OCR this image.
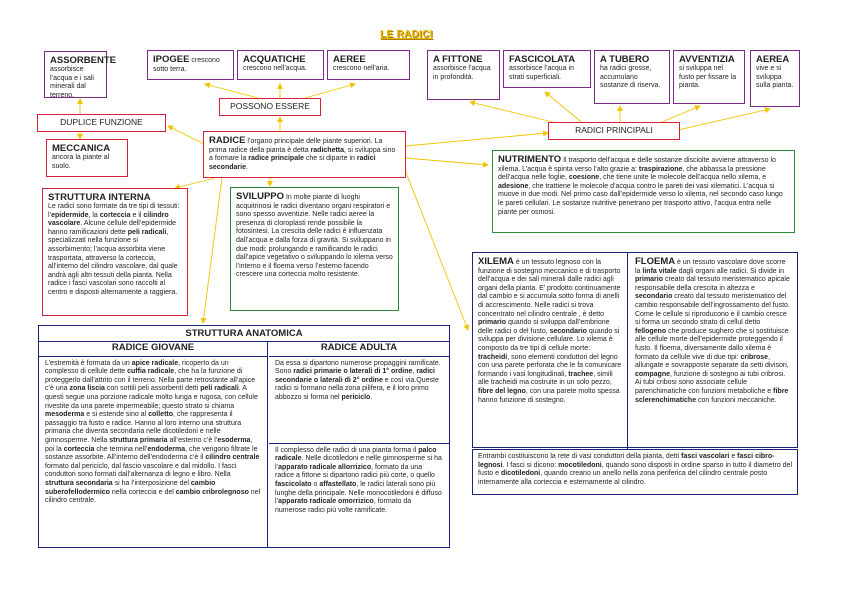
LE RADICI
ASSORBENTE
assorbisce l’acqua e i sali minerali dal terreno.
IPOGEE crescono sotto terra.
ACQUATICHE
crescono nell’acqua.
AEREE
crescono nell’aria.
A FITTONE
assorbisce l’acqua in profondità.
FASCICOLATA
assorbisce l’acqua in strati superficiali.
A TUBERO
ha radici grosse, accumulano sostanze di riserva.
AVVENTIZIA
si sviluppa nel fusto per fissare la pianta.
AEREA
vive e si sviluppa sulla pianta.
POSSONO ESSERE
DUPLICE FUNZIONE
RADICI PRINCIPALI
MECCANICA
ancora la piante al suolo.
RADICE l’organo principale delle piante superiori. La prima radice della pianta è detta radichetta, si sviluppa sino a formare la radice principale che si diparte in radici secondarie.
NUTRIMENTO Il trasporto dell’acqua e delle sostanze disciolte avviene attraverso lo xilema. L’acqua è spinta verso l’alto grazie a: traspirazione, che abbassa la pressione dell’acqua nelle foglie, coesione, che tiene unite le molecole dell’acqua nello xilema, e adesione, che trattiene le molecole d’acqua contro le pareti dei vasi xilematici. L’acqua si muove in due modi. Nel primo caso dall’epidermide verso lo xilema, nel secondo caso lungo le pareti cellulari. Le sostanze nutritive penetrano per trasporto attivo, l’acqua entra nelle piante per osmosi.
STRUTTURA INTERNA
Le radici sono formate da tre tipi di tessuti: l’epidermide, la corteccia e il cilindro vascolare. Alcune cellule dell’epidermide hanno ramificazioni dette peli radicali, specializzati nella funzione si assorbimento; l’acqua assorbita viene trasportata, attraverso la corteccia, all’interno del cilindro vascolare, dal quale andrà agli altri tessuti della pianta. Nella radice i fasci vascolari sono raccolti al centro e disposti alternamente a raggiera.
SVILUPPO In molte piante di luoghi acquitrinosi le radici diventano organi respiratori e sono spesso avventizie. Nelle radici aeree la presenza di cloroplasti rende possibile la fotosintesi. La crescita delle radici è influenzata dall’acqua e dalla forza di gravità. Si sviluppano in due modi: prolungando e ramificando le radici dall’apice vegetativo o sviluppando lo xilema verso l’interno e il floema verso l’esterno facendo crescere una corteccia molto resistente.
XILEMA è un tessuto legnoso con la funzione di sostegno meccanico e di trasporto dell’acqua e dei sali minerali dalle radici agli organi della pianta. E’ prodotto continuamente dal cambio e si accumula sotto forma di anelli di accrescimento. Nelle radici si trova concentrato nel cilindro centrale , è detto primario quando si sviluppa dall’embrione delle radici o del fusto, secondario quando si sviluppa per divisione cellulare. Lo xilema è composto da tre tipi di cellule morte: tracheidi, sono elementi conduttori del legno con una parete perforata che le fa comunicare formando i vasi longitudinali, trachee, simili alle tracheidi ma costruite in un solo pezzo, fibre del legno, con una parete molto spessa hanno funzione di sostegno.
FLOEMA è un tessuto vascolare dove scorre la linfa vitale dagli organi alle radici. Si divide in primario creato dal tessuto meristematico apicale responsabile della crescita in altezza e secondario creato dal tessuto meristematico del cambio responsabile dell’ingrossamento del fusto. Come le cellule si riproducono e il cambio cresce si forma un secondo strato di cellul detto fellogeno che produce sughero che si sostituisce alle cellule morte dell’epidermide proteggendo il fusto. Il floema, diversamente dallo xilema è formato da cellule vive di due tipi: cribrose, allungate e sovrapposte separate da setti divisori, compagne, funzione di sostegno ai tubi cribrosi. Ai tubi cribosi sono associate cellule parenchimatiche con funzioni metaboliche e fibre sclerenchimatiche con funzioni meccaniche.
Entrambi costituiscono la rete di vasi conduttori della pianta, detti fasci vascolari e fasci cibro-legnosi. I fasci si dicono: mocotiledoni, quando sono disposti in ordine sparso in tutto il diametro del fusto e dicotiledoni, quando creano un anello nella zona periferica del cilindro centrale posto internamente alla corteccia e esternamente al cilindro.
STRUTTURA ANATOMICA
RADICE GIOVANE
L’estremità è formata da un apice radicale, ricoperto da un complesso di cellule dette cuffia radicale, che ha la funzione di proteggerlo dall’attrito con il terreno. Nella parte retrostante all’apice c’è una zona liscia con sottili peli assorbenti detti peli radicali. A questi segue una porzione radicale molto lunga e rugosa, con cellule rivestite da una parete impermeabile; questo strato si chiama mesoderma e si estende sino al colletto, che rappresenta il passaggio tra fusto e radice. Hanno al loro interno una struttura primaria che diventa secondaria nelle dicotiledoni e nelle gimnosperme. Nella struttura primaria all’esterno c’è l’esoderma, poi la corteccia che termina nell’endoderma, che vengono filtrate le sostanze assorbite. All’interno dell’endoderma c’è il cilindro centrale formato dal periciclo, dal fascio vascolare e dal midollo. I fasci conduttori sono formati dall’alternanza di legno e libro. Nella struttura secondaria si ha l’interposizione del cambio suberofellodermico nella corteccia e del cambio cribrolegnoso nel cilindro centrale.
RADICE ADULTA
Da essa si dipartono numerose propaggini ramificate. Sono radici primarie o laterali di 1° ordine, radici secondarie o laterali di 2° ordine e così via.Queste radici si formano nella zona pilifera, e il loro primo abbozzo si forma nel periciclo.
Il complesso delle radici di una pianta forma il palco radicale. Nelle dicotiledoni e nelle gimnosperme si ha l’apparato radicale allorrizico, formato da una radice a fittone si dipartono radici più corte, o quello fascicolato o affastellato, le radici laterali sono più lunghe della principale. Nelle monocotiledoni è diffuso l’apparato radicale omorrizico, formato da numerose radici più volte ramificate.
